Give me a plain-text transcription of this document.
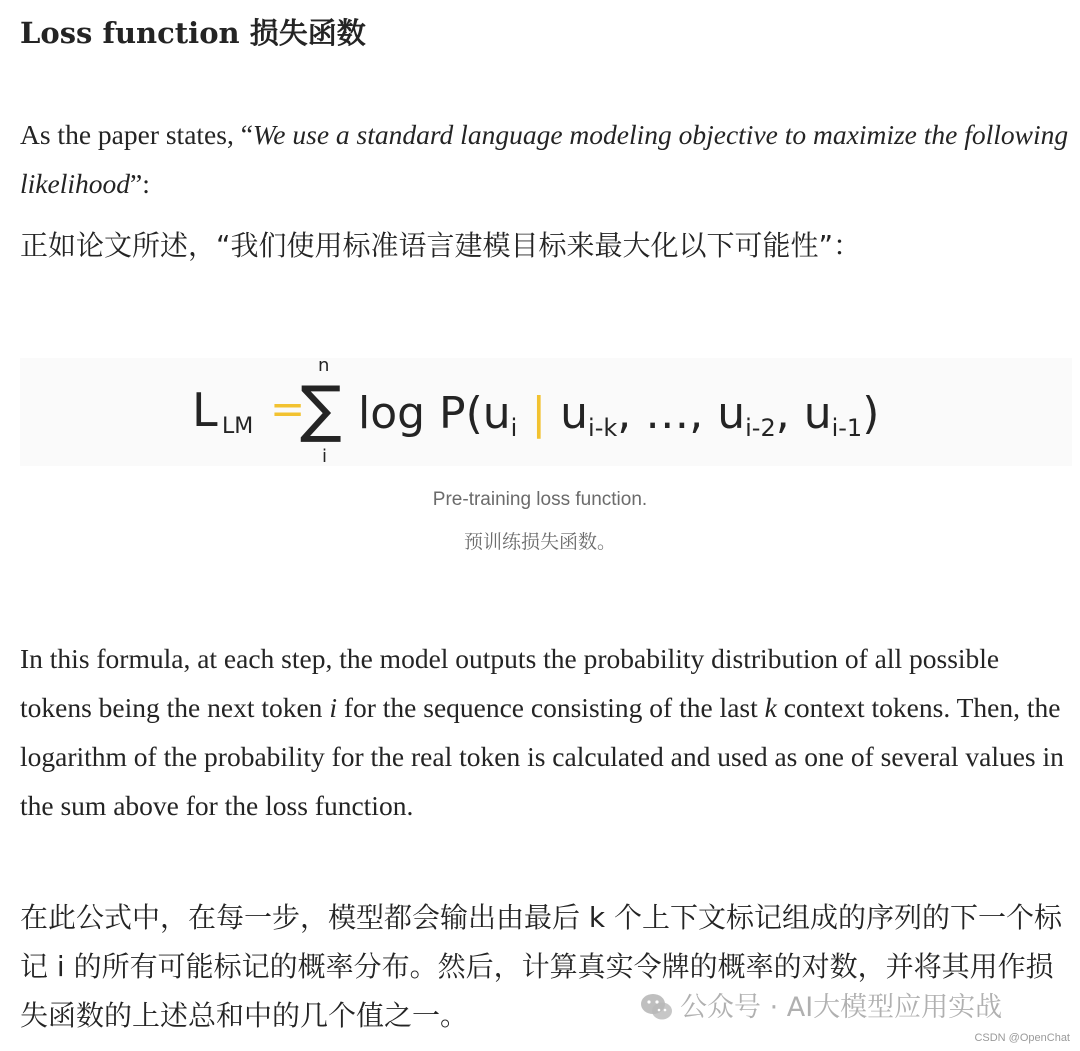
Loss function 损失函数
As the paper states, “We use a standard language modeling objective to maximize the following likelihood”:
正如论文所述，“我们使用标准语言建模目标来最大化以下可能性”：
L LM =
∑
n
i
$\log P(u_i$ | $u_{i-k}$, …, $u_{i-2}$, $u_{i-1}$)
Pre-training loss function.
预训练损失函数。
In this formula, at each step, the model outputs the probability distribution of all possible tokens being the next token i for the sequence consisting of the last k context tokens. Then, the logarithm of the probability for the real token is calculated and used as one of several values in the sum above for the loss function.
在此公式中，在每一步，模型都会输出由最后 k 个上下文标记组成的序列的下一个标记 i 的所有可能标记的概率分布。然后，计算真实令牌的概率的对数，并将其用作损失函数的上述总和中的几个值之一。	公众号 · AI大模型应用实战
CSDN @OpenChat
